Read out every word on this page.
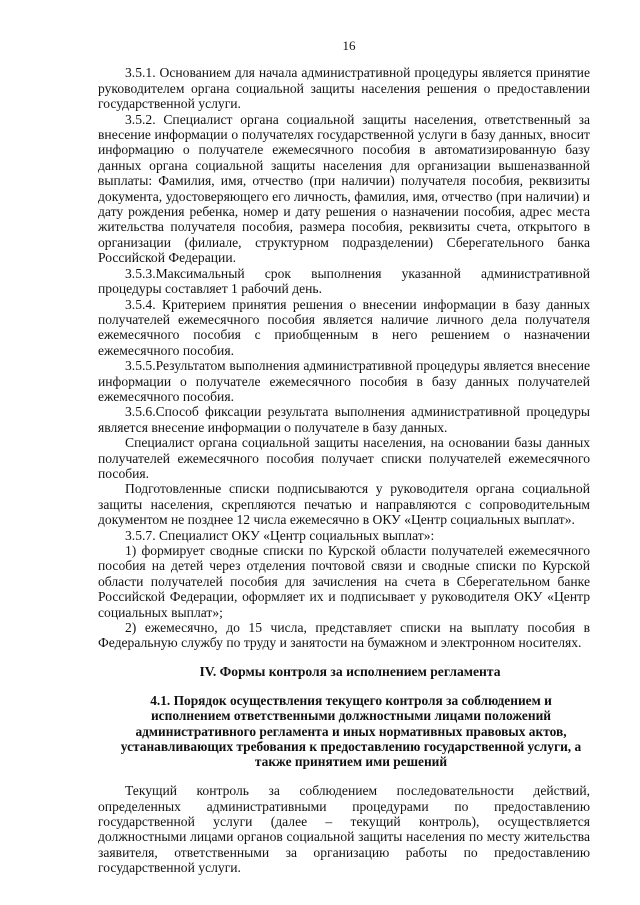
16

3.5.1. Основанием для начала административной процедуры является принятие руководителем органа социальной защиты населения решения о предоставлении государственной услуги.

3.5.2. Специалист органа социальной защиты населения, ответственный за внесение информации о получателях государственной услуги в базу данных, вносит информацию о получателе ежемесячного пособия в автоматизированную базу данных органа социальной защиты населения для организации вышеназванной выплаты: Фамилия, имя, отчество (при наличии) получателя пособия, реквизиты документа, удостоверяющего его личность, фамилия, имя, отчество (при наличии) и дату рождения ребенка, номер и дату решения о назначении пособия, адрес места жительства получателя пособия, размера пособия, реквизиты счета, открытого в организации (филиале, структурном подразделении) Сберегательного банка Российской Федерации.

3.5.3.Максимальный срок выполнения указанной административной процедуры составляет 1 рабочий день.

3.5.4. Критерием принятия решения о внесении информации в базу данных получателей ежемесячного пособия является наличие личного дела получателя ежемесячного пособия с приобщенным в него решением о назначении ежемесячного пособия.

3.5.5.Результатом выполнения административной процедуры является внесение информации о получателе ежемесячного пособия в базу данных получателей ежемесячного пособия.

3.5.6.Способ фиксации результата выполнения административной процедуры является внесение информации о получателе в базу данных.

Специалист органа социальной защиты населения, на основании базы данных получателей ежемесячного пособия получает списки получателей ежемесячного пособия.

Подготовленные списки подписываются у руководителя органа социальной защиты населения, скрепляются печатью и направляются с сопроводительным документом не позднее 12 числа ежемесячно в ОКУ «Центр социальных выплат».

3.5.7. Специалист ОКУ «Центр социальных выплат»:

1) формирует сводные списки по Курской области получателей ежемесячного пособия на детей через отделения почтовой связи и сводные списки по Курской области получателей пособия для зачисления на счета в Сберегательном банке Российской Федерации, оформляет их и подписывает у руководителя ОКУ «Центр социальных выплат»;

2) ежемесячно, до 15 числа, представляет списки на выплату пособия в Федеральную службу по труду и занятости на бумажном и электронном носителях.

IV. Формы контроля за исполнением регламента
4.1. Порядок осуществления текущего контроля за соблюдением и исполнением ответственными должностными лицами положений административного регламента и иных нормативных правовых актов, устанавливающих требования к предоставлению государственной услуги, а также принятием ими решений

Текущий контроль за соблюдением последовательности действий, определенных административными процедурами по предоставлению государственной услуги (далее – текущий контроль), осуществляется должностными лицами органов социальной защиты населения по месту жительства заявителя, ответственными за организацию работы по предоставлению государственной услуги.
